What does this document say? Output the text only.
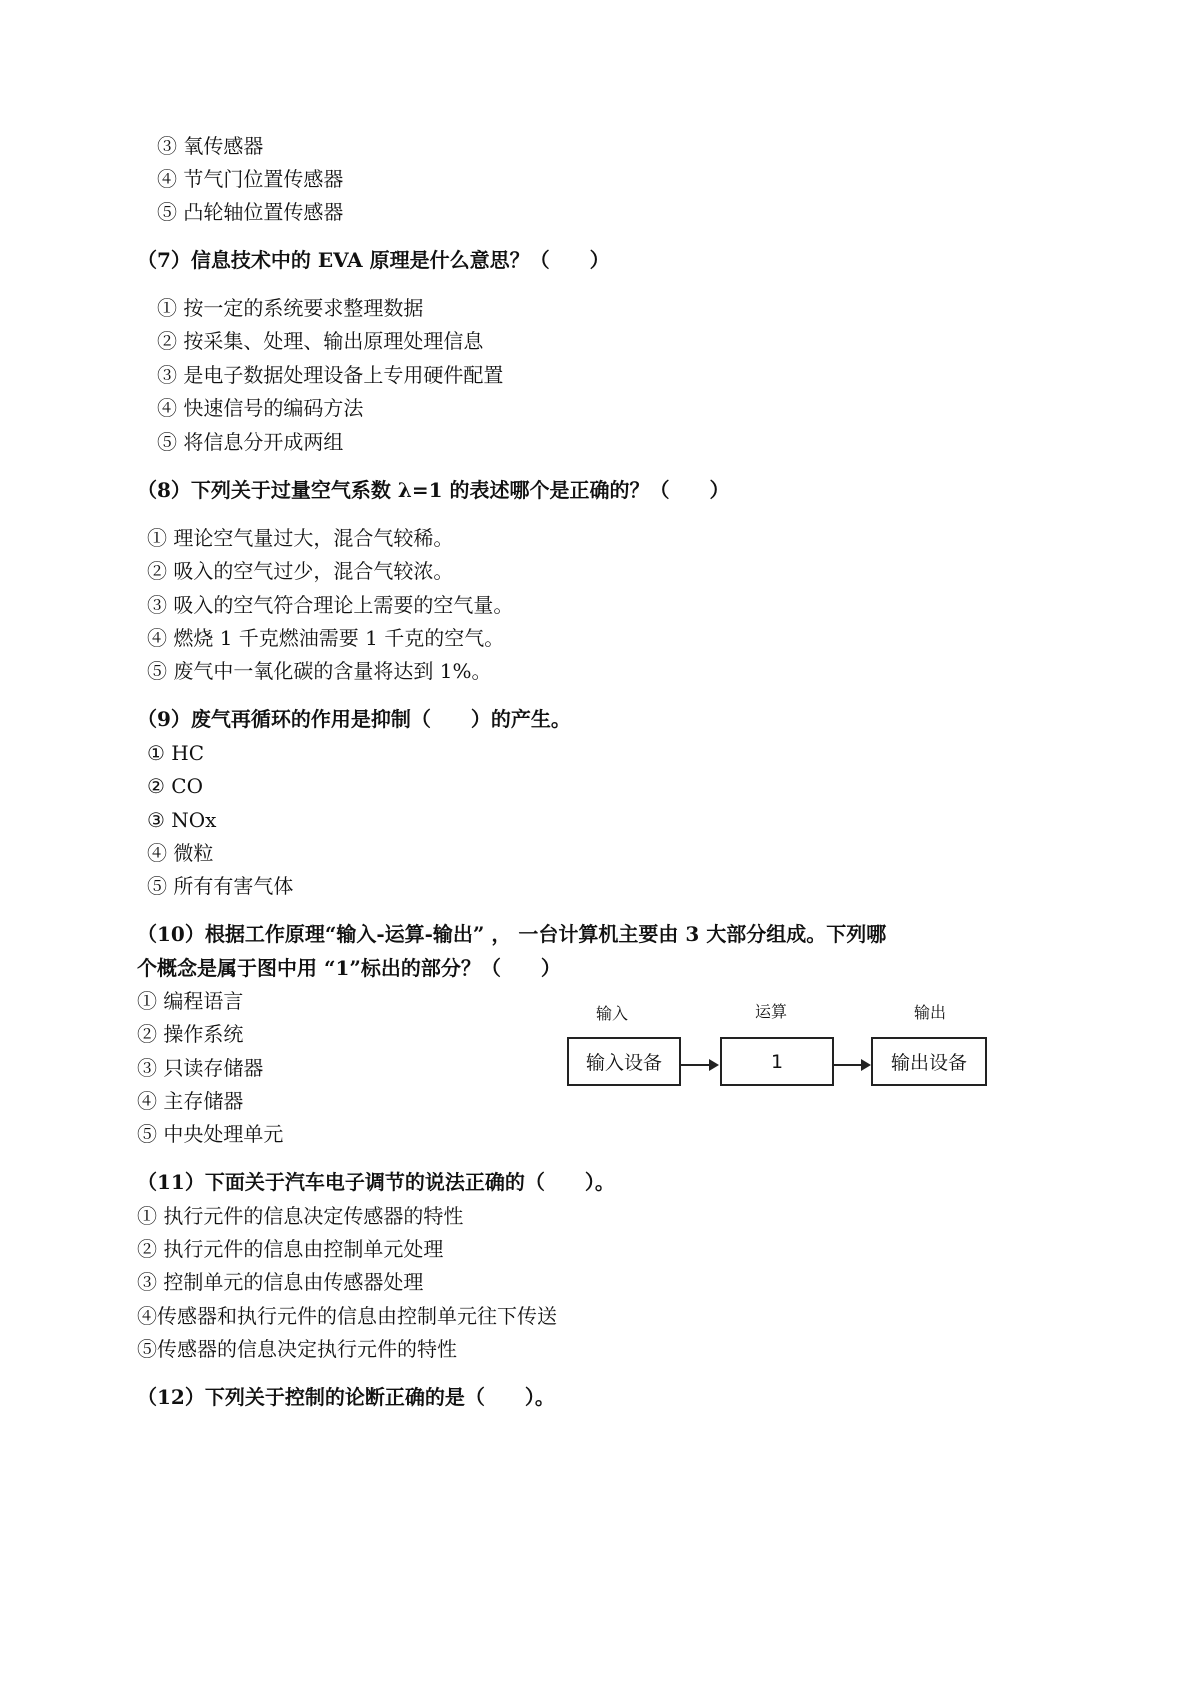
③ 氧传感器
④ 节气门位置传感器
⑤ 凸轮轴位置传感器
（7）信息技术中的 EVA 原理是什么意思？（　　）
① 按一定的系统要求整理数据
② 按采集、处理、输出原理处理信息
③ 是电子数据处理设备上专用硬件配置
④ 快速信号的编码方法
⑤ 将信息分开成两组
（8）下列关于过量空气系数 λ=1 的表述哪个是正确的？（　　）
① 理论空气量过大，混合气较稀。
② 吸入的空气过少，混合气较浓。
③ 吸入的空气符合理论上需要的空气量。
④ 燃烧 1 千克燃油需要 1 千克的空气。
⑤ 废气中一氧化碳的含量将达到 1%。
（9）废气再循环的作用是抑制（　　）的产生。
① HC
② CO
③ NOx
④ 微粒
⑤ 所有有害气体
（10）根据工作原理“输入-运算-输出” ， 一台计算机主要由 3 大部分组成。下列哪
个概念是属于图中用 “1”标出的部分？（　　）
① 编程语言
② 操作系统
③ 只读存储器
④ 主存储器
⑤ 中央处理单元
输入	运算	输出
输入设备	1	输出设备
（11）下面关于汽车电子调节的说法正确的（　　）。
① 执行元件的信息决定传感器的特性
② 执行元件的信息由控制单元处理
③ 控制单元的信息由传感器处理
④传感器和执行元件的信息由控制单元往下传送
⑤传感器的信息决定执行元件的特性
（12）下列关于控制的论断正确的是（　　）。
